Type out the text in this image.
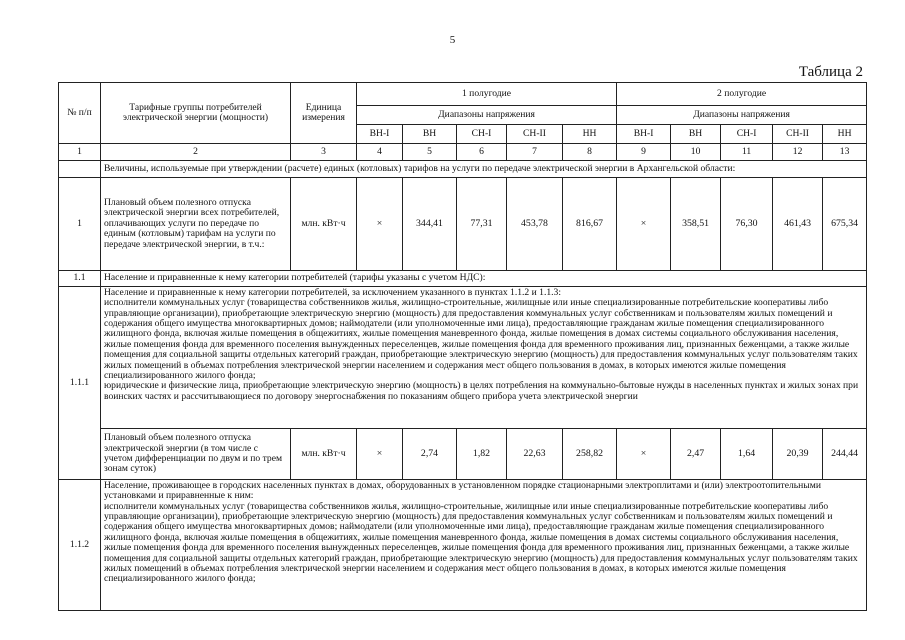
5
Таблица 2
№ п/п	Тарифные группы потребителей электрической энергии (мощности)	Единица измерения	1 полугодие					2 полугодие				
			Диапазоны напряжения					Диапазоны напряжения				
			ВН-I	ВН	СН-I	СН-II	НН	ВН-I	ВН	СН-I	СН-II	НН
1	2	3	4	5	6	7	8	9	10	11	12	13
	Величины, используемые при утверждении (расчете) единых (котловых) тарифов на услуги по передаче электрической энергии в Архангельской области:											
1	Плановый объем полезного отпуска электрической энергии всех потребителей, оплачивающих услуги по передаче по единым (котловым) тарифам на услуги по передаче электрической энергии, в т.ч.:	млн. кВт·ч	×	344,41	77,31	453,78	816,67	×	358,51	76,30	461,43	675,34
1.1	Население и приравненные к нему категории потребителей (тарифы указаны с учетом НДС):											
1.1.1	Население и приравненные к нему категории потребителей, за исключением указанного в пунктах 1.1.2 и 1.1.3:
исполнители коммунальных услуг (товарищества собственников жилья, жилищно-строительные, жилищные или иные специализированные потребительские кооперативы либо управляющие организации), приобретающие электрическую энергию (мощность) для предоставления коммунальных услуг собственникам и пользователям жилых помещений и содержания общего имущества многоквартирных домов; наймодатели (или уполномоченные ими лица), предоставляющие гражданам жилые помещения специализированного жилищного фонда, включая жилые помещения в общежитиях, жилые помещения маневренного фонда, жилые помещения в домах системы социального обслуживания населения, жилые помещения фонда для временного поселения вынужденных переселенцев, жилые помещения фонда для временного проживания лиц, признанных беженцами, а также жилые помещения для социальной защиты отдельных категорий граждан, приобретающие электрическую энергию (мощность) для предоставления коммунальных услуг пользователям таких жилых помещений в объемах потребления электрической энергии населением и содержания мест общего пользования в домах, в которых имеются жилые помещения специализированного жилого фонда;
юридические и физические лица, приобретающие электрическую энергию (мощность) в целях потребления на коммунально-бытовые нужды в населенных пунктах и жилых зонах при воинских частях и рассчитывающиеся по договору энергоснабжения по показаниям общего прибора учета электрической энергии											

	Плановый объем полезного отпуска электрической энергии (в том числе с учетом дифференциации по двум и по трем зонам суток)	млн. кВт·ч	×	2,74	1,82	22,63	258,82	×	2,47	1,64	20,39	244,44
1.1.2	Население, проживающее в городских населенных пунктах в домах, оборудованных в установленном порядке стационарными электроплитами и (или) электроотопительными установками и приравненные к ним:
исполнители коммунальных услуг (товарищества собственников жилья, жилищно-строительные, жилищные или иные специализированные потребительские кооперативы либо управляющие организации), приобретающие электрическую энергию (мощность) для предоставления коммунальных услуг собственникам и пользователям жилых помещений и содержания общего имущества многоквартирных домов; наймодатели (или уполномоченные ими лица), предоставляющие гражданам жилые помещения специализированного жилищного фонда, включая жилые помещения в общежитиях, жилые помещения маневренного фонда, жилые помещения в домах системы социального обслуживания населения, жилые помещения фонда для временного поселения вынужденных переселенцев, жилые помещения фонда для временного проживания лиц, признанных беженцами, а также жилые помещения для социальной защиты отдельных категорий граждан, приобретающие электрическую энергию (мощность) для предоставления коммунальных услуг пользователям таких жилых помещений в объемах потребления электрической энергии населением и содержания мест общего пользования в домах, в которых имеются жилые помещения специализированного жилого фонда;											
